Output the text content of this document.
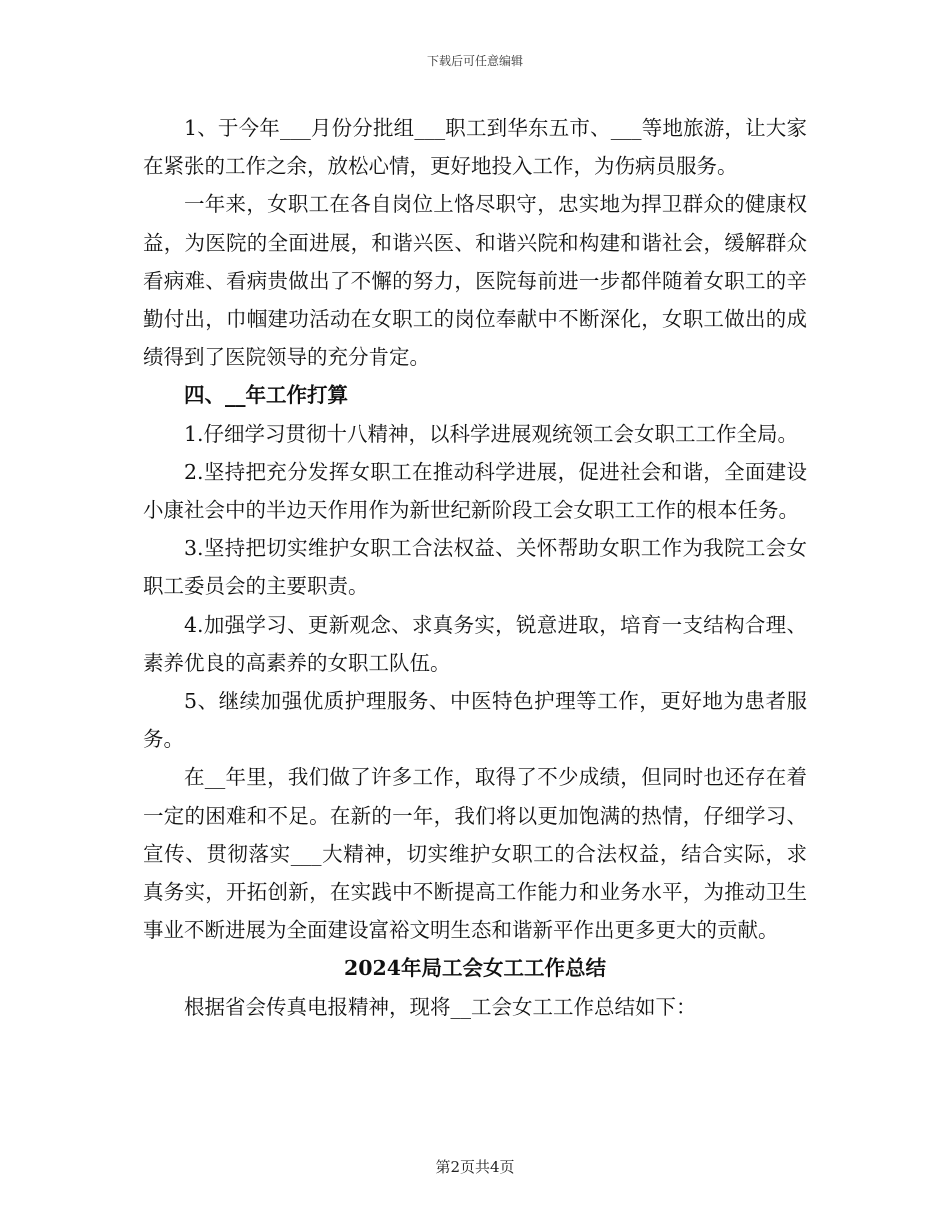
下载后可任意编辑

1、于今年___月份分批组___职工到华东五市、___等地旅游，让大家在紧张的工作之余，放松心情，更好地投入工作，为伤病员服务。

一年来，女职工在各自岗位上恪尽职守，忠实地为捍卫群众的健康权益，为医院的全面进展，和谐兴医、和谐兴院和构建和谐社会，缓解群众看病难、看病贵做出了不懈的努力，医院每前进一步都伴随着女职工的辛勤付出，巾帼建功活动在女职工的岗位奉献中不断深化，女职工做出的成绩得到了医院领导的充分肯定。

四、__年工作打算

1.仔细学习贯彻十八精神，以科学进展观统领工会女职工工作全局。

2.坚持把充分发挥女职工在推动科学进展，促进社会和谐，全面建设小康社会中的半边天作用作为新世纪新阶段工会女职工工作的根本任务。

3.坚持把切实维护女职工合法权益、关怀帮助女职工作为我院工会女职工委员会的主要职责。

4.加强学习、更新观念、求真务实，锐意进取，培育一支结构合理、素养优良的高素养的女职工队伍。

5、继续加强优质护理服务、中医特色护理等工作，更好地为患者服务。

在__年里，我们做了许多工作，取得了不少成绩，但同时也还存在着一定的困难和不足。在新的一年，我们将以更加饱满的热情，仔细学习、宣传、贯彻落实___大精神，切实维护女职工的合法权益，结合实际，求真务实，开拓创新，在实践中不断提高工作能力和业务水平，为推动卫生事业不断进展为全面建设富裕文明生态和谐新平作出更多更大的贡献。

2024年局工会女工工作总结

根据省会传真电报精神，现将__工会女工工作总结如下：

第2页共4页
